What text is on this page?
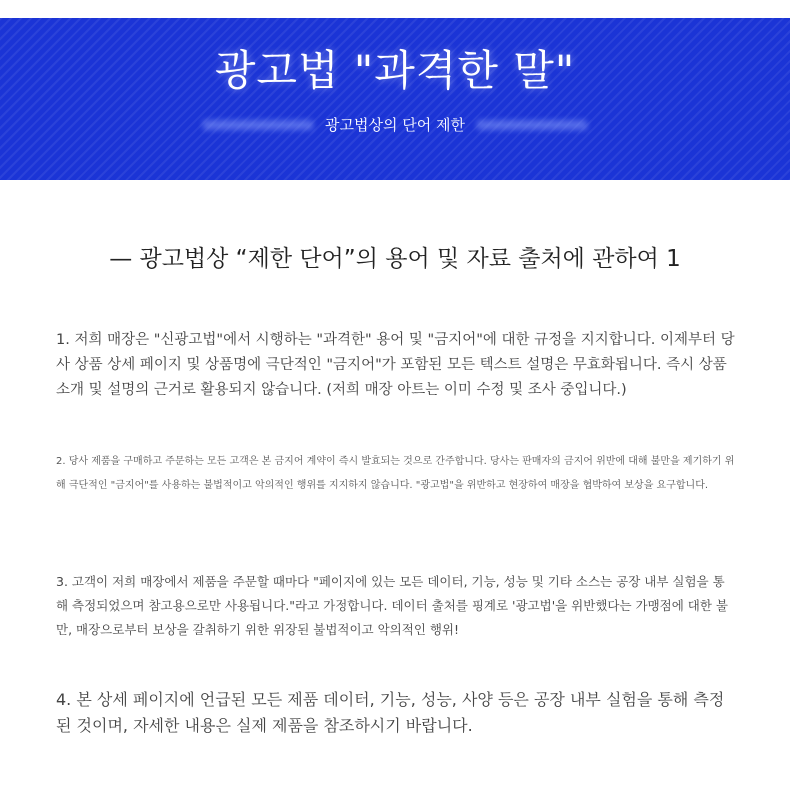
광고법 "과격한 말"
광고법상의 단어 제한
— 광고법상 “제한 단어”의 용어 및 자료 출처에 관하여 1

1. 저희 매장은 "신광고법"에서 시행하는 "과격한" 용어 및 "금지어"에 대한 규정을 지지합니다. 이제부터 당사 상품 상세 페이지 및 상품명에 극단적인 "금지어"가 포함된 모든 텍스트 설명은 무효화됩니다. 즉시 상품 소개 및 설명의 근거로 활용되지 않습니다. (저희 매장 아트는 이미 수정 및 조사 중입니다.)

2. 당사 제품을 구매하고 주문하는 모든 고객은 본 금지어 계약이 즉시 발효되는 것으로 간주합니다. 당사는 판매자의 금지어 위반에 대해 불만을 제기하기 위해 극단적인 "금지어"를 사용하는 불법적이고 악의적인 행위를 지지하지 않습니다. "광고법"을 위반하고 현장하여 매장을 협박하여 보상을 요구합니다.

3. 고객이 저희 매장에서 제품을 주문할 때마다 "페이지에 있는 모든 데이터, 기능, 성능 및 기타 소스는 공장 내부 실험을 통해 측정되었으며 참고용으로만 사용됩니다."라고 가정합니다. 데이터 출처를 핑계로 '광고법'을 위반했다는 가맹점에 대한 불만, 매장으로부터 보상을 갈취하기 위한 위장된 불법적이고 악의적인 행위!

4. 본 상세 페이지에 언급된 모든 제품 데이터, 기능, 성능, 사양 등은 공장 내부 실험을 통해 측정된 것이며, 자세한 내용은 실제 제품을 참조하시기 바랍니다.
